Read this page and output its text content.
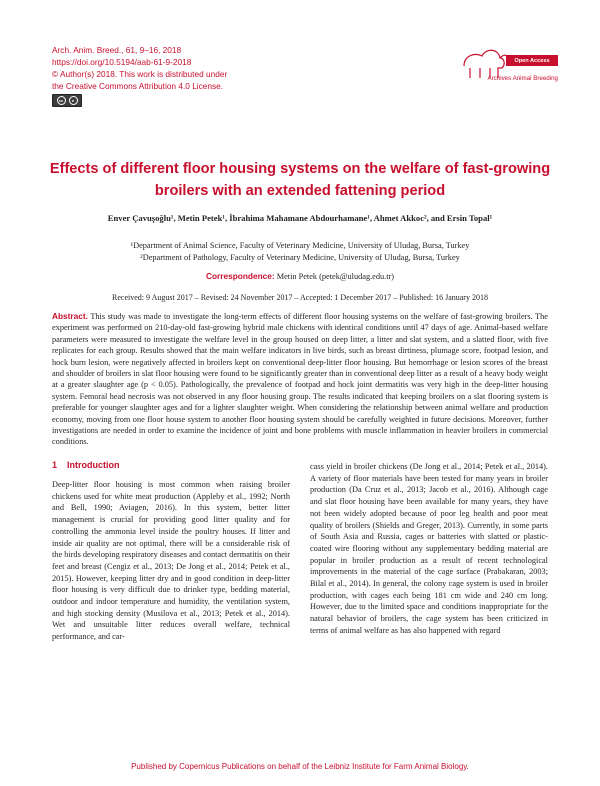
Arch. Anim. Breed., 61, 9–16, 2018
https://doi.org/10.5194/aab-61-9-2018
© Author(s) 2018. This work is distributed under
the Creative Commons Attribution 4.0 License.
cc	●
Open Access
Archives Animal Breeding
Effects of different floor housing systems on the welfare of fast-growing broilers with an extended fattening period
Enver Çavuşoğlu¹, Metin Petek¹, İbrahima Mahamane Abdourhamane¹, Ahmet Akkoc², and Ersin Topal¹
¹Department of Animal Science, Faculty of Veterinary Medicine, University of Uludag, Bursa, Turkey
²Department of Pathology, Faculty of Veterinary Medicine, University of Uludag, Bursa, Turkey
Correspondence: Metin Petek (petek@uludag.edu.tr)
Received: 9 August 2017 – Revised: 24 November 2017 – Accepted: 1 December 2017 – Published: 16 January 2018

Abstract. This study was made to investigate the long-term effects of different floor housing systems on the welfare of fast-growing broilers. The experiment was performed on 210-day-old fast-growing hybrid male chickens with identical conditions until 47 days of age. Animal-based welfare parameters were measured to investigate the welfare level in the group housed on deep litter, a litter and slat system, and a slatted floor, with five replicates for each group. Results showed that the main welfare indicators in live birds, such as breast dirtiness, plumage score, footpad lesion, and hock burn lesion, were negatively affected in broilers kept on conventional deep-litter floor housing. But hemorrhage or lesion scores of the breast and shoulder of broilers in slat floor housing were found to be significantly greater than in conventional deep litter as a result of a heavy body weight at a greater slaughter age (p < 0.05). Pathologically, the prevalence of footpad and hock joint dermatitis was very high in the deep-litter housing system. Femoral head necrosis was not observed in any floor housing group. The results indicated that keeping broilers on a slat flooring system is preferable for younger slaughter ages and for a lighter slaughter weight. When considering the relationship between animal welfare and production economy, moving from one floor house system to another floor housing system should be carefully weighted in future decisions. Moreover, further investigations are needed in order to examine the incidence of joint and bone problems with muscle inflammation in heavier broilers in commercial conditions.

1 Introduction

Deep-litter floor housing is most common when raising broiler chickens used for white meat production (Appleby et al., 1992; North and Bell, 1990; Aviagen, 2016). In this system, better litter management is crucial for providing good litter quality and for controlling the ammonia level inside the poultry houses. If litter and inside air quality are not optimal, there will be a considerable risk of the birds developing respiratory diseases and contact dermatitis on their feet and breast (Cengiz et al., 2013; De Jong et al., 2014; Petek et al., 2015). However, keeping litter dry and in good condition in deep-litter floor housing is very difficult due to drinker type, bedding material, outdoor and indoor temperature and humidity, the ventilation system, and high stocking density (Musilova et al., 2013; Petek et al., 2014). Wet and unsuitable litter reduces overall welfare, technical performance, and car-

cass yield in broiler chickens (De Jong et al., 2014; Petek et al., 2014). A variety of floor materials have been tested for many years in broiler production (Da Cruz et al., 2013; Jacob et al., 2016). Although cage and slat floor housing have been available for many years, they have not been widely adopted because of poor leg health and poor meat quality of broilers (Shields and Greger, 2013). Currently, in some parts of South Asia and Russia, cages or batteries with slatted or plastic-coated wire flooring without any supplementary bedding material are popular in broiler production as a result of recent technological improvements in the material of the cage surface (Prabakaran, 2003; Bilal et al., 2014). In general, the colony cage system is used in broiler production, with cages each being 181 cm wide and 240 cm long. However, due to the limited space and conditions inappropriate for the natural behavior of broilers, the cage system has been criticized in terms of animal welfare as has also happened with regard

Published by Copernicus Publications on behalf of the Leibniz Institute for Farm Animal Biology.
